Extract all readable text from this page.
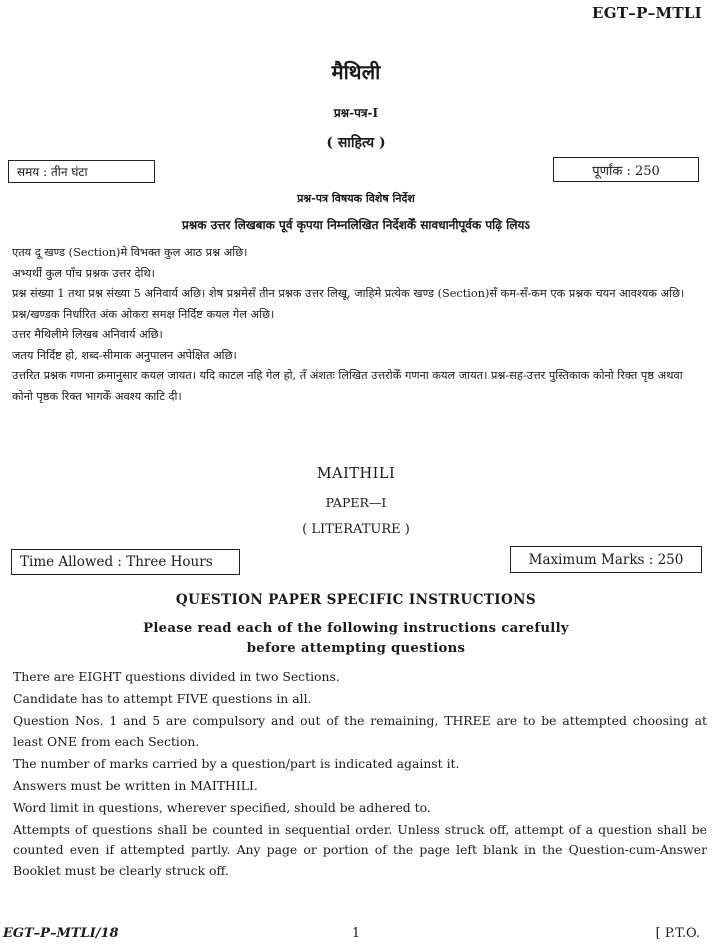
EGT–P–MTLI
मैथिली
प्रश्न-पत्र-I
( साहित्य )
समय : तीन घंटा	पूर्णांक : 250
प्रश्न-पत्र विषयक विशेष निर्देश
प्रश्नक उत्तर लिखबाक पूर्व कृपया निम्नलिखित निर्देशकेँ सावधानीपूर्वक पढ़ि लियऽ

एतय दू खण्ड (Section)मे विभक्त कुल आठ प्रश्न अछि।

अभ्यर्थी कुल पाँच प्रश्नक उत्तर देथि।

प्रश्न संख्या 1 तथा प्रश्न संख्या 5 अनिवार्य अछि। शेष प्रश्नमेसँ तीन प्रश्नक उत्तर लिखू, जाहिमे प्रत्येक खण्ड (Section)सँ कम-सँ-कम एक प्रश्नक चयन आवश्यक अछि।

प्रश्न/खण्डक निर्धारित अंक ओकरा समक्ष निर्दिष्ट कयल गेल अछि।

उत्तर मैथिलीमे लिखब अनिवार्य अछि।

जतय निर्दिष्ट हो, शब्द-सीमाक अनुपालन अपेक्षित अछि।

उत्तरित प्रश्नक गणना क्रमानुसार कयल जायत। यदि काटल नहि गेल हो, तँ अंशतः लिखित उत्तरोकेँ गणना कयल जायत। प्रश्न-सह-उत्तर पुस्तिकाक कोनो रिक्त पृष्ठ अथवा कोनो पृष्ठक रिक्त भागकेँ अवश्य काटि दी।

MAITHILI
PAPER—I
( LITERATURE )
Time Allowed : Three Hours	Maximum Marks : 250
QUESTION PAPER SPECIFIC INSTRUCTIONS
Please read each of the following instructions carefully
before attempting questions

There are EIGHT questions divided in two Sections.

Candidate has to attempt FIVE questions in all.

Question Nos. 1 and 5 are compulsory and out of the remaining, THREE are to be attempted choosing at least ONE from each Section.

The number of marks carried by a question/part is indicated against it.

Answers must be written in MAITHILI.

Word limit in questions, wherever specified, should be adhered to.

Attempts of questions shall be counted in sequential order. Unless struck off, attempt of a question shall be counted even if attempted partly. Any page or portion of the page left blank in the Question-cum-Answer Booklet must be clearly struck off.

EGT–P–MTLI/18	1	[ P.T.O.
